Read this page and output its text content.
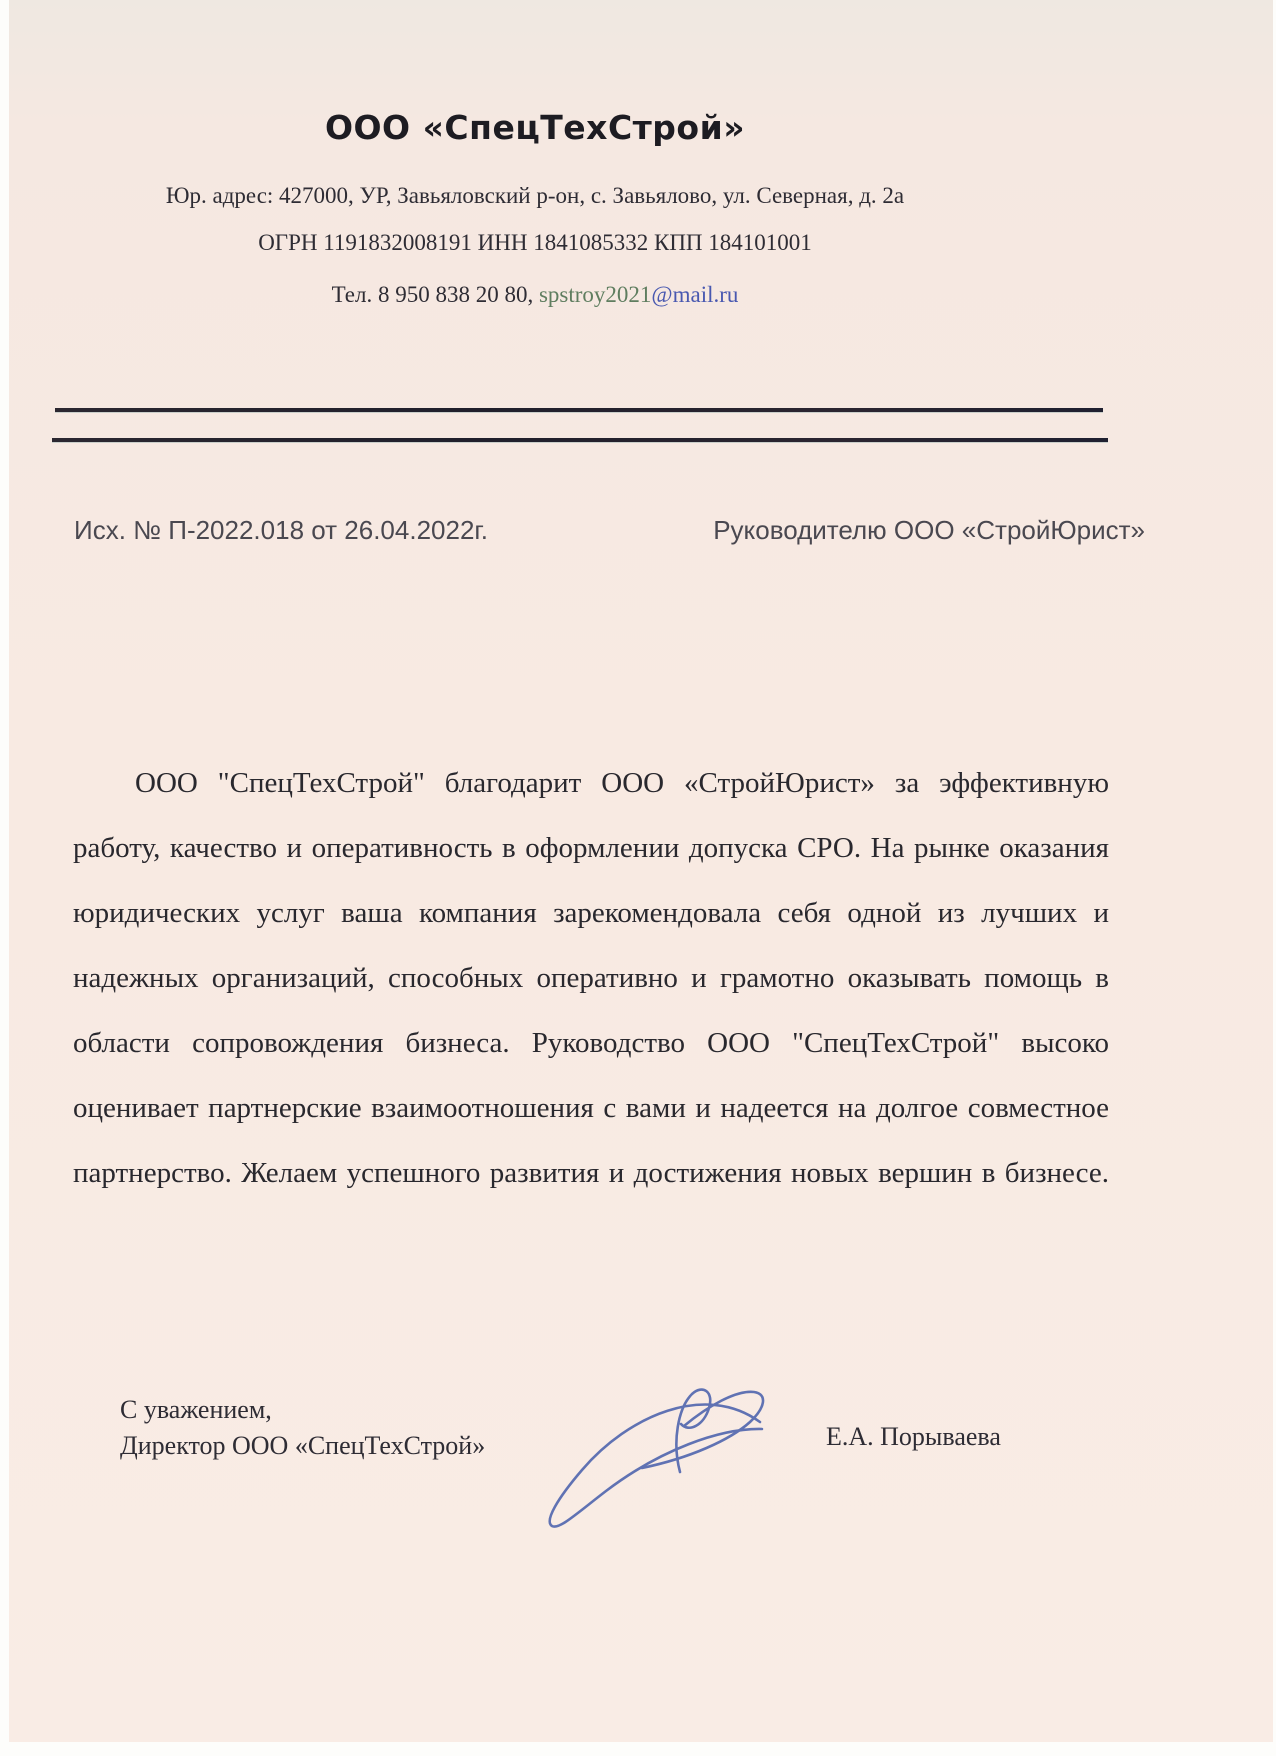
ООО «СпецТехСтрой»
Юр. адрес: 427000, УР, Завьяловский р-он, с. Завьялово, ул. Северная, д. 2а
ОГРН 1191832008191 ИНН 1841085332 КПП 184101001
Тел. 8 950 838 20 80, spstroy2021@mail.ru
Исх. № П-2022.018 от 26.04.2022г.	Руководителю ООО «СтройЮрист»
ООО "СпецТехСтрой" благодарит ООО «СтройЮрист» за эффективную
работу, качество и оперативность в оформлении допуска СРО. На рынке оказания
юридических услуг ваша компания зарекомендовала себя одной из лучших и
надежных организаций, способных оперативно и грамотно оказывать помощь в
области сопровождения бизнеса. Руководство ООО "СпецТехСтрой" высоко
оценивает партнерские взаимоотношения с вами и надеется на долгое совместное
партнерство. Желаем успешного развития и достижения новых вершин в бизнесе.
С уважением,
Директор ООО «СпецТехСтрой»	Е.А. Порываева
